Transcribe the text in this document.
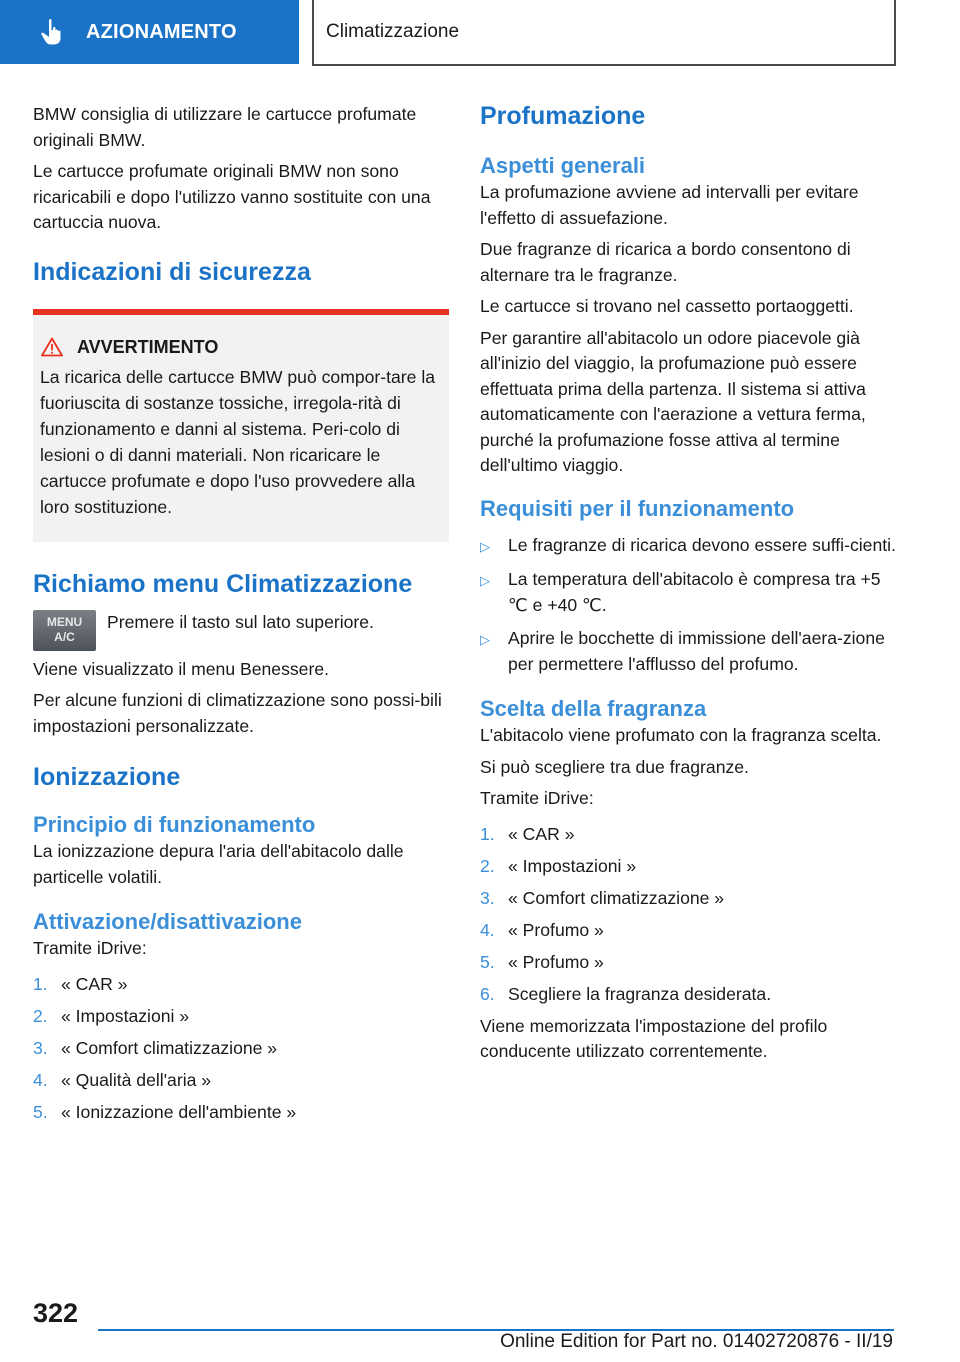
AZIONAMENTO	Climatizzazione

BMW consiglia di utilizzare le cartucce profumate originali BMW.

Le cartucce profumate originali BMW non sono ricaricabili e dopo l'utilizzo vanno sostituite con una cartuccia nuova.

Indicazioni di sicurezza
AVVERTIMENTO

La ricarica delle cartucce BMW può compor-tare la fuoriuscita di sostanze tossiche, irregola-rità di funzionamento e danni al sistema. Peri-colo di lesioni o di danni materiali. Non ricaricare le cartucce profumate e dopo l'uso provvedere alla loro sostituzione.

Richiamo menu Climatizzazione
MENU
A/C

Premere il tasto sul lato superiore.

Viene visualizzato il menu Benessere.

Per alcune funzioni di climatizzazione sono possi-bili impostazioni personalizzate.

Ionizzazione
Principio di funzionamento

La ionizzazione depura l'aria dell'abitacolo dalle particelle volatili.

Attivazione/disattivazione

Tramite iDrive:

1. « CAR »
2. « Impostazioni »
3. « Comfort climatizzazione »
4. « Qualità dell'aria »
5. « Ionizzazione dell'ambiente »
Profumazione
Aspetti generali

La profumazione avviene ad intervalli per evitare l'effetto di assuefazione.

Due fragranze di ricarica a bordo consentono di alternare tra le fragranze.

Le cartucce si trovano nel cassetto portaoggetti.

Per garantire all'abitacolo un odore piacevole già all'inizio del viaggio, la profumazione può essere effettuata prima della partenza. Il sistema si attiva automaticamente con l'aerazione a vettura ferma, purché la profumazione fosse attiva al termine dell'ultimo viaggio.

Requisiti per il funzionamento
▷	Le fragranze di ricarica devono essere suffi-cienti.
▷	La temperatura dell'abitacolo è compresa tra +5 ℃ e +40 ℃.
▷	Aprire le bocchette di immissione dell'aera-zione per permettere l'afflusso del profumo.
Scelta della fragranza

L'abitacolo viene profumato con la fragranza scelta.

Si può scegliere tra due fragranze.

Tramite iDrive:

1. « CAR »
2. « Impostazioni »
3. « Comfort climatizzazione »
4. « Profumo »
5. « Profumo »
6. Scegliere la fragranza desiderata.

Viene memorizzata l'impostazione del profilo conducente utilizzato correntemente.

322
Online Edition for Part no. 01402720876 - II/19
